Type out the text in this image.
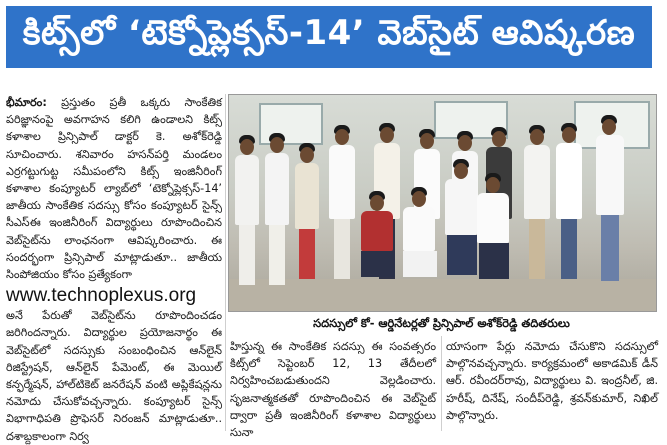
కిట్స్‌లో ‘టెక్నోప్లెక్సస్-14’ వెబ్‌సైట్ ఆవిష్కరణ
భీమారం: ప్రస్తుతం ప్రతీ ఒక్కరు సాంకేతిక పరిజ్ఞానంపై అవగాహన కలిగి ఉండాలని కిట్స్ కళాశాల ప్రిన్సిపాల్ డాక్టర్ కె. అశోక్‌రెడ్డి సూచించారు. శనివారం హసన్‌పర్తి మండలం ఎర్రగట్టుగుట్ట సమీపంలోని కిట్స్ ఇంజినీరింగ్ కళాశాల కంప్యూటర్ ల్యాబ్‌లో ‘టెక్నోప్లెక్సస్-14’ జాతీయ సాంకేతిక సదస్సు కోసం కంప్యూటర్ సైన్స్ సీఎస్ఈ ఇంజినీరింగ్ విద్యార్థులు రూపొందించిన వెబ్‌సైట్‌ను లాంఛనంగా ఆవిష్కరించారు. ఈ సందర్భంగా ప్రిన్సిపాల్ మాట్లాడుతూ.. జాతీయ సింపోజియం కోసం ప్రత్యేకంగా
www.technoplexus.org
అనే పేరుతో వెబ్‌సైట్‌ను రూపొందించడం జరిగిందన్నారు. విద్యార్థుల ప్రయోజనార్థం ఈ వెబ్‌సైట్‌లో సదస్సుకు సంబంధించిన ఆన్‌లైన్ రిజిస్ట్రేషన్, ఆన్‌లైన్ పేమెంట్, ఈ మెయిల్ కన్ఫర్మేషన్, హాల్‌టికెట్ జనరేషన్ వంటి అప్లికేషన్లను నమోదు చేసుకోవచ్చన్నారు. కంప్యూటర్ సైన్స్ విభాగాధిపతి ప్రొఫెసర్ నిరంజన్ మాట్లాడుతూ.. దశాబ్దకాలంగా నిర్వ
సదస్సులో కో- ఆర్డినేటర్లతో ప్రిన్సిపాల్ అశోక్‌రెడ్డి తదితరులు
హిస్తున్న ఈ సాంకేతిక సదస్సు ఈ సంవత్సరం కిట్స్‌లో సెప్టెంబర్ 12, 13 తేదీలలో నిర్వహించబడుతుందని వెల్లడించారు. సృజనాత్మకతతో రూపొందించిన ఈ వెబ్‌సైట్ ద్వారా ప్రతీ ఇంజినీరింగ్ కళాశాల విద్యార్థులు సునా
యాసంగా పేర్లు నమోదు చేసుకొని సదస్సులో పాల్గొనవచ్చన్నారు. కార్యక్రమంలో అకాడమిక్ డీన్ ఆర్. రవీందర్‌రావు, విద్యార్థులు వి. ఇంద్రనీల్, జి. హరీష్, దినేష్, సందీప్‌రెడ్డి, శ్రవన్‌కుమార్, నిఖిల్ పాల్గొన్నారు.
